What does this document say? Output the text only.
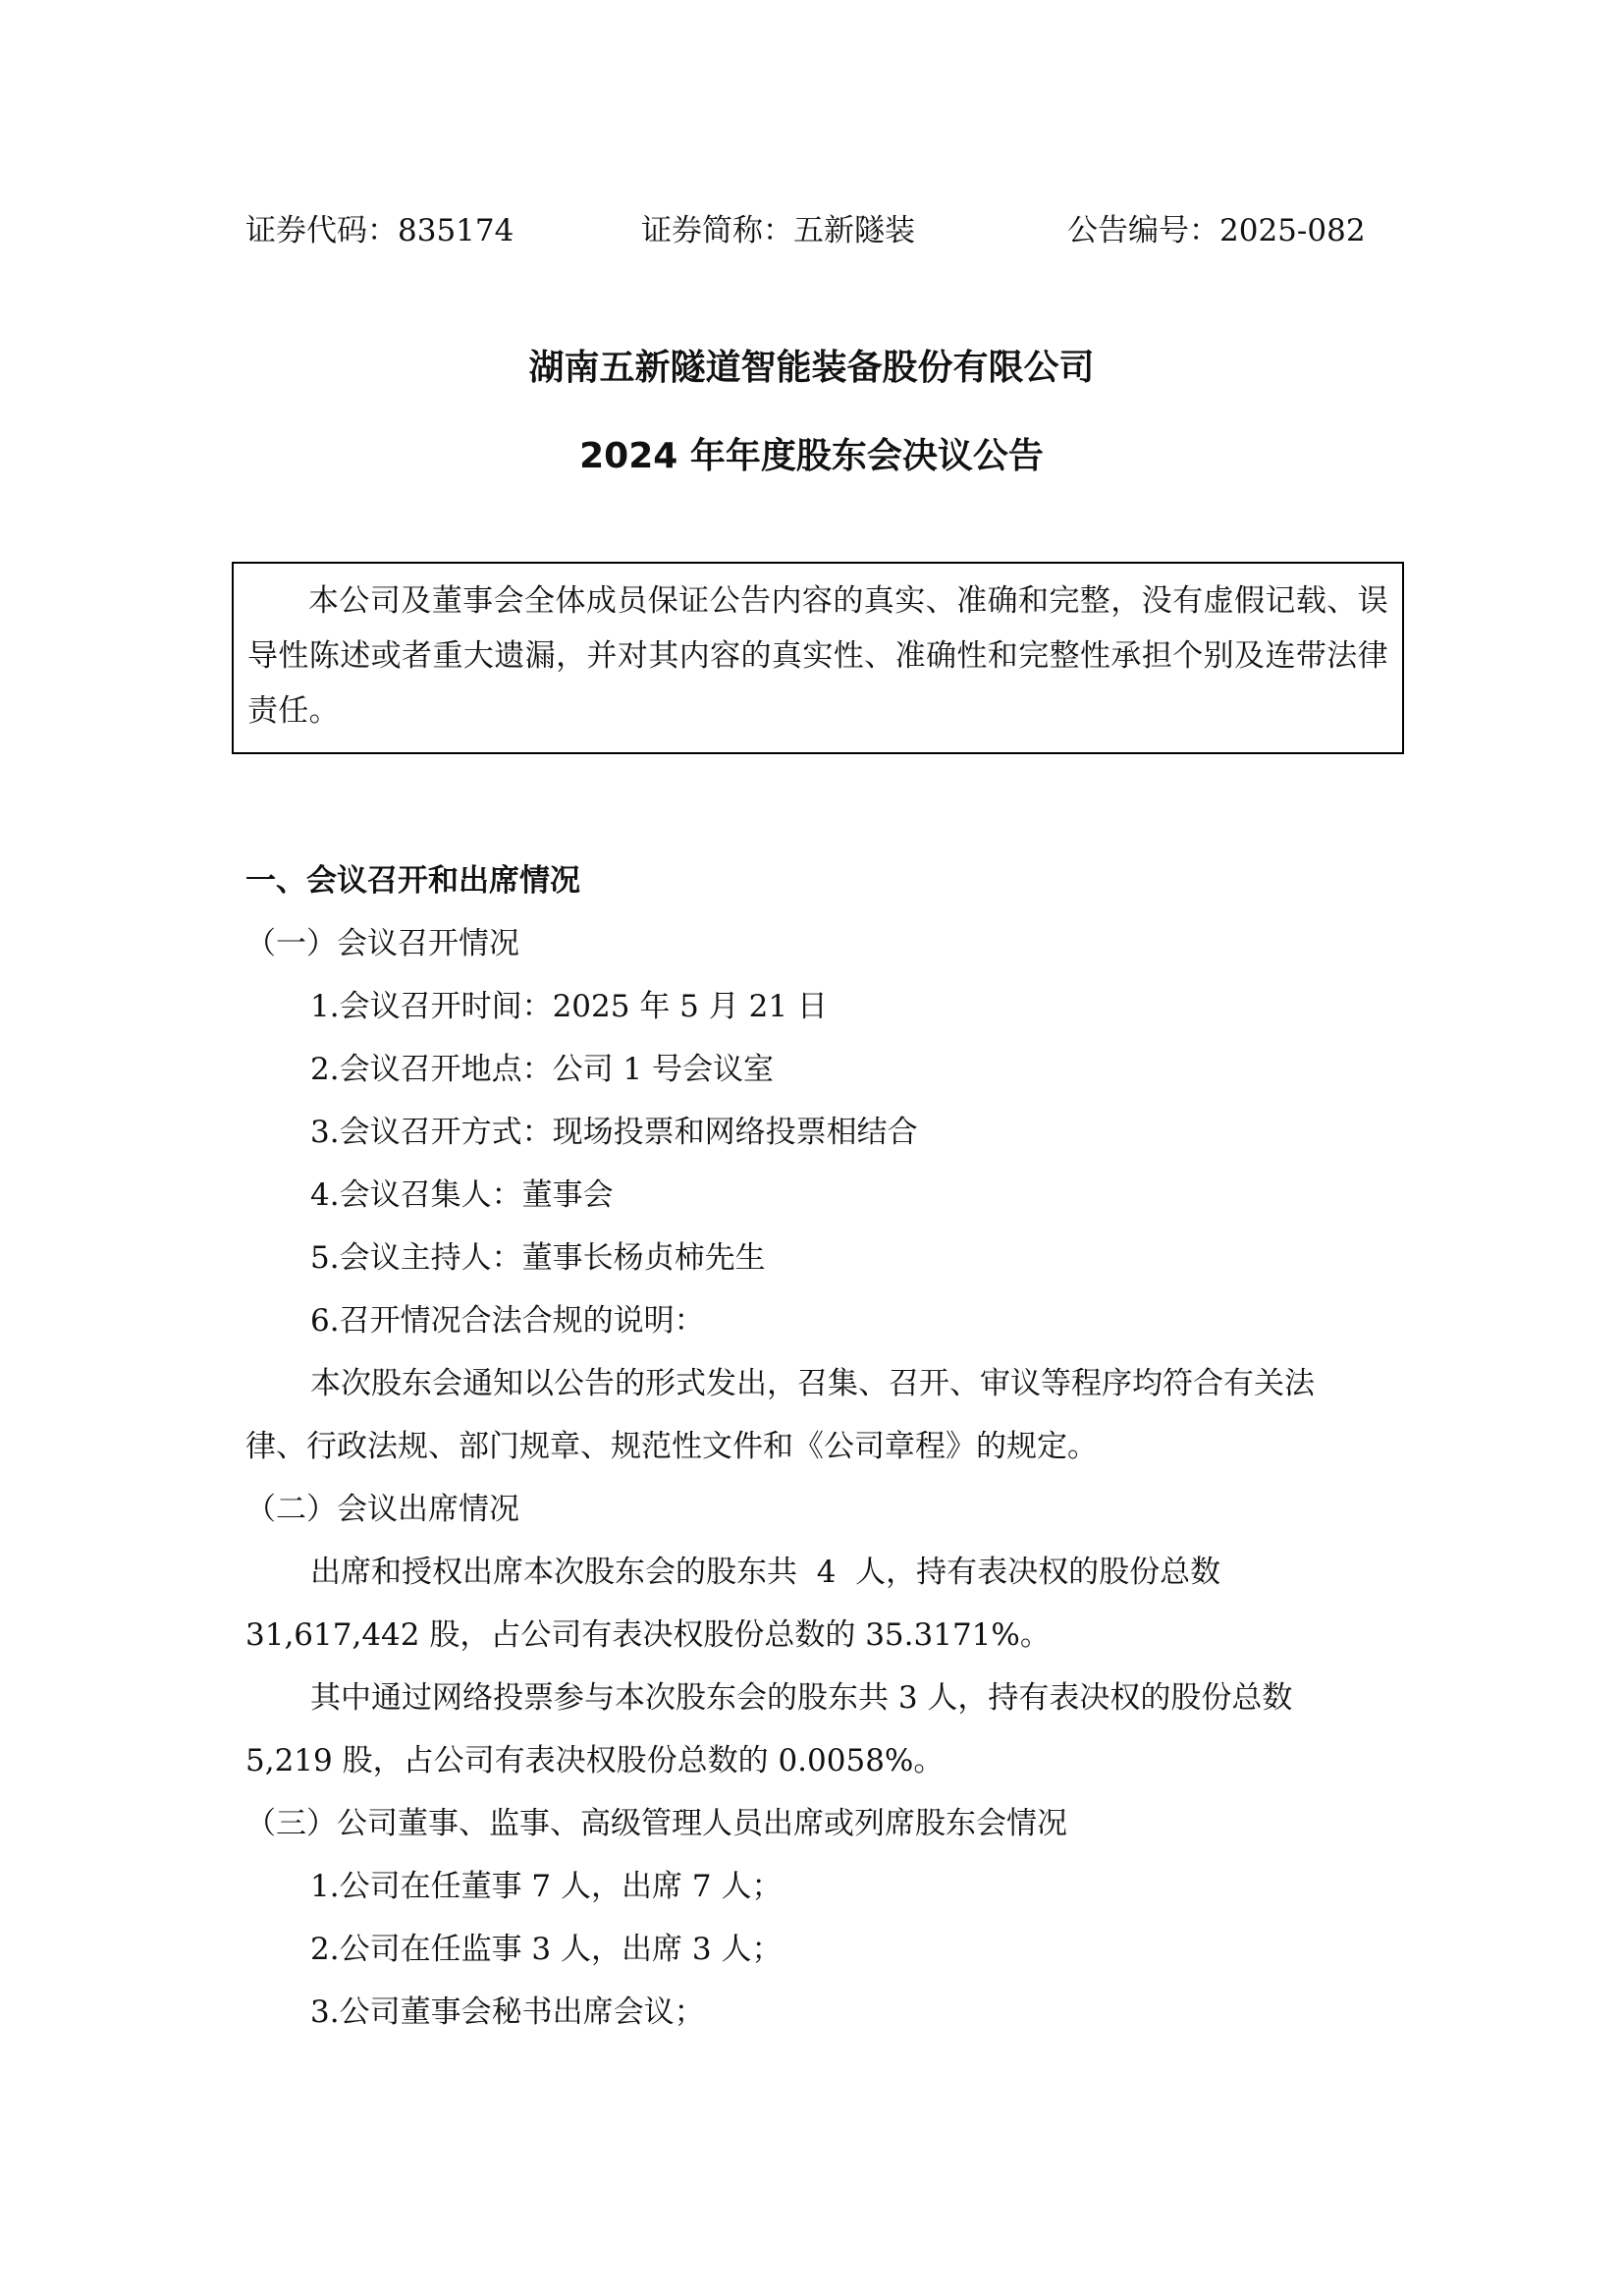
证券代码：835174	证券简称：五新隧装	公告编号：2025-082
湖南五新隧道智能装备股份有限公司
2024 年年度股东会决议公告

本公司及董事会全体成员保证公告内容的真实、准确和完整，没有虚假记载、误导性陈述或者重大遗漏，并对其内容的真实性、准确性和完整性承担个别及连带法律责任。

一、会议召开和出席情况

（一）会议召开情况

1.会议召开时间：2025 年 5 月 21 日

2.会议召开地点：公司 1 号会议室

3.会议召开方式：现场投票和网络投票相结合

4.会议召集人：董事会

5.会议主持人：董事长杨贞柿先生

6.召开情况合法合规的说明：

本次股东会通知以公告的形式发出，召集、召开、审议等程序均符合有关法

律、行政法规、部门规章、规范性文件和《公司章程》的规定。

（二）会议出席情况

出席和授权出席本次股东会的股东共  4  人，持有表决权的股份总数

31,617,442 股，占公司有表决权股份总数的 35.3171%。

其中通过网络投票参与本次股东会的股东共 3 人，持有表决权的股份总数

5,219 股，占公司有表决权股份总数的 0.0058%。

（三）公司董事、监事、高级管理人员出席或列席股东会情况

1.公司在任董事 7 人，出席 7 人；

2.公司在任监事 3 人，出席 3 人；

3.公司董事会秘书出席会议；
